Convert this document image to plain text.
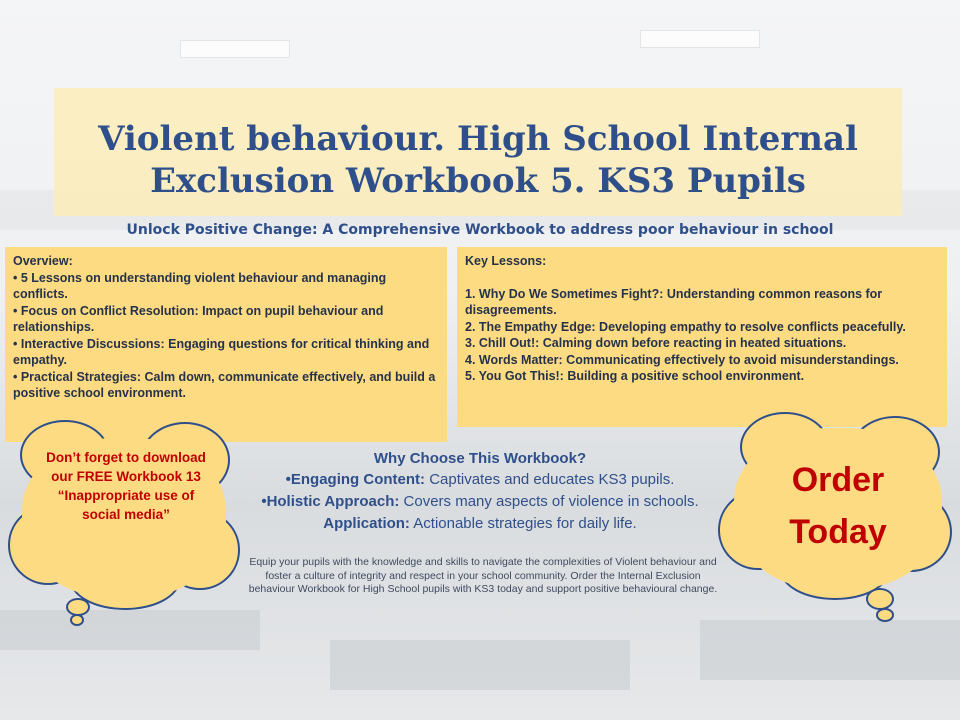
Violent behaviour. High School Internal
Exclusion Workbook 5. KS3 Pupils
Unlock Positive Change: A Comprehensive Workbook to address poor behaviour in school
Overview:
• 5 Lessons on understanding violent behaviour and managing conflicts.
• Focus on Conflict Resolution: Impact on pupil behaviour and relationships.
• Interactive Discussions: Engaging questions for critical thinking and empathy.
• Practical Strategies: Calm down, communicate effectively, and build a positive school environment.
Key Lessons:
1. Why Do We Sometimes Fight?: Understanding common reasons for disagreements.
2. The Empathy Edge: Developing empathy to resolve conflicts peacefully.
3. Chill Out!: Calming down before reacting in heated situations.
4. Words Matter: Communicating effectively to avoid misunderstandings.
5. You Got This!: Building a positive school environment.
Why Choose This Workbook?
•Engaging Content: Captivates and educates KS3 pupils.
•Holistic Approach: Covers many aspects of violence in schools.
Application: Actionable strategies for daily life.
Equip your pupils with the knowledge and skills to navigate the complexities of Violent behaviour and foster a culture of integrity and respect in your school community. Order the Internal Exclusion behaviour Workbook for High School pupils with KS3 today and support positive behavioural change.
Don’t forget to download our FREE Workbook 13 “Inappropriate use of social media”
Order
Today
